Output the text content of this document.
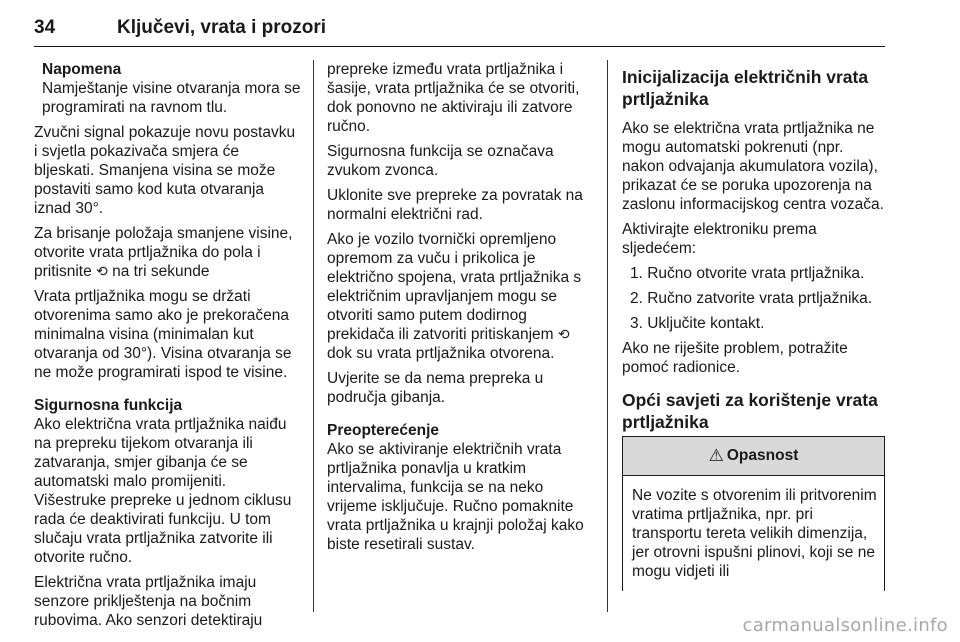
34	Ključevi, vrata i prozori
Napomena
Namještanje visine otvaranja mora se programirati na ravnom tlu.

Zvučni signal pokazuje novu postavku i svjetla pokazivača smjera će bljeskati. Smanjena visina se može postaviti samo kod kuta otvaranja iznad 30°.

Za brisanje položaja smanjene visine, otvorite vrata prtljažnika do pola i pritisnite ⟲ na tri sekunde

Vrata prtljažnika mogu se držati otvorenima samo ako je prekoračena minimalna visina (minimalan kut otvaranja od 30°). Visina otvaranja se ne može programirati ispod te visine.

Sigurnosna funkcija

Ako električna vrata prtljažnika naiđu na prepreku tijekom otvaranja ili zatvaranja, smjer gibanja će se automatski malo promijeniti. Višestruke prepreke u jednom ciklusu rada će deaktivirati funkciju. U tom slučaju vrata prtljažnika zatvorite ili otvorite ručno.

Električna vrata prtljažnika imaju senzore priklještenja na bočnim rubovima. Ako senzori detektiraju

prepreke između vrata prtljažnika i šasije, vrata prtljažnika će se otvoriti, dok ponovno ne aktiviraju ili zatvore ručno.

Sigurnosna funkcija se označava zvukom zvonca.

Uklonite sve prepreke za povratak na normalni električni rad.

Ako je vozilo tvornički opremljeno opremom za vuču i prikolica je električno spojena, vrata prtljažnika s električnim upravljanjem mogu se otvoriti samo putem dodirnog prekidača ili zatvoriti pritiskanjem ⟲ dok su vrata prtljažnika otvorena.

Uvjerite se da nema prepreka u područja gibanja.

Preopterećenje

Ako se aktiviranje električnih vrata prtljažnika ponavlja u kratkim intervalima, funkcija se na neko vrijeme isključuje. Ručno pomaknite vrata prtljažnika u krajnji položaj kako biste resetirali sustav.

Inicijalizacija električnih vrata prtljažnika

Ako se električna vrata prtljažnika ne mogu automatski pokrenuti (npr. nakon odvajanja akumulatora vozila), prikazat će se poruka upozorenja na zaslonu informacijskog centra vozača.

Aktivirajte elektroniku prema sljedećem:

1. Ručno otvorite vrata prtljažnika.
2. Ručno zatvorite vrata prtljažnika.
3. Uključite kontakt.

Ako ne riješite problem, potražite pomoć radionice.

Opći savjeti za korištenje vrata prtljažnika
⚠ Opasnost
Ne vozite s otvorenim ili pritvorenim vratima prtljažnika, npr. pri transportu tereta velikih dimenzija, jer otrovni ispušni plinovi, koji se ne mogu vidjeti ili
carmanualsonline.info
